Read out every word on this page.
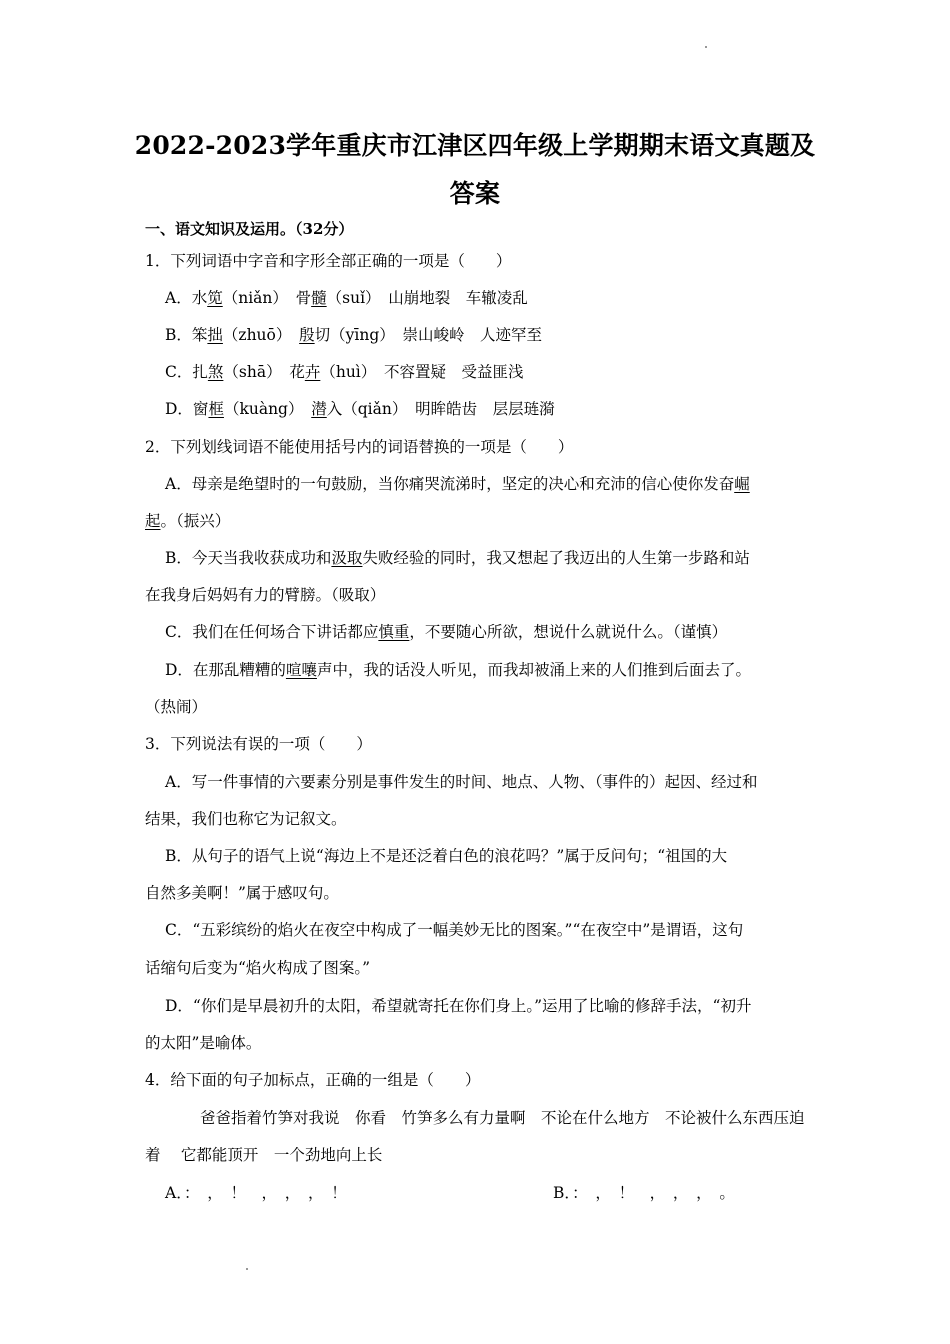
2022-2023学年重庆市江津区四年级上学期期末语文真题及
答案
一、语文知识及运用。（32分）
1．下列词语中字音和字形全部正确的一项是（　　）
A．水笕（niǎn）　骨髓（suǐ）　山崩地裂　车辙凌乱
B．笨拙（zhuō）　殷切（yīng）　崇山峻岭　人迹罕至
C．扎煞（shā）　花卉（huì）　不容置疑　受益匪浅
D．窗框（kuàng）　潜入（qiǎn）　明眸皓齿　层层琏漪
2．下列划线词语不能使用括号内的词语替换的一项是（　　）
A．母亲是绝望时的一句鼓励，当你痛哭流涕时，坚定的决心和充沛的信心使你发奋崛
起。（振兴）
B．今天当我收获成功和汲取失败经验的同时，我又想起了我迈出的人生第一步路和站
在我身后妈妈有力的臂膀。（吸取）
C．我们在任何场合下讲话都应慎重，不要随心所欲，想说什么就说什么。（谨慎）
D．在那乱糟糟的喧嚷声中，我的话没人听见，而我却被涌上来的人们推到后面去了。
（热闹）
3．下列说法有误的一项（　　）
A．写一件事情的六要素分别是事件发生的时间、地点、人物、（事件的）起因、经过和
结果，我们也称它为记叙文。
B．从句子的语气上说“海边上不是还泛着白色的浪花吗？”属于反问句；“祖国的大
自然多美啊！”属于感叹句。
C．“五彩缤纷的焰火在夜空中构成了一幅美妙无比的图案。”“在夜空中”是谓语，这句
话缩句后变为“焰火构成了图案。”
D．“你们是早晨初升的太阳，希望就寄托在你们身上。”运用了比喻的修辞手法，“初升
的太阳”是喻体。
4．给下面的句子加标点，正确的一组是（　　）
爸爸指着竹笋对我说　你看　竹笋多么有力量啊　不论在什么地方　不论被什么东西压迫
着　 它都能顶开　一个劲地向上长
A．：　，　！　，　，　，　！	B．：　，　！　，　，　，　。
